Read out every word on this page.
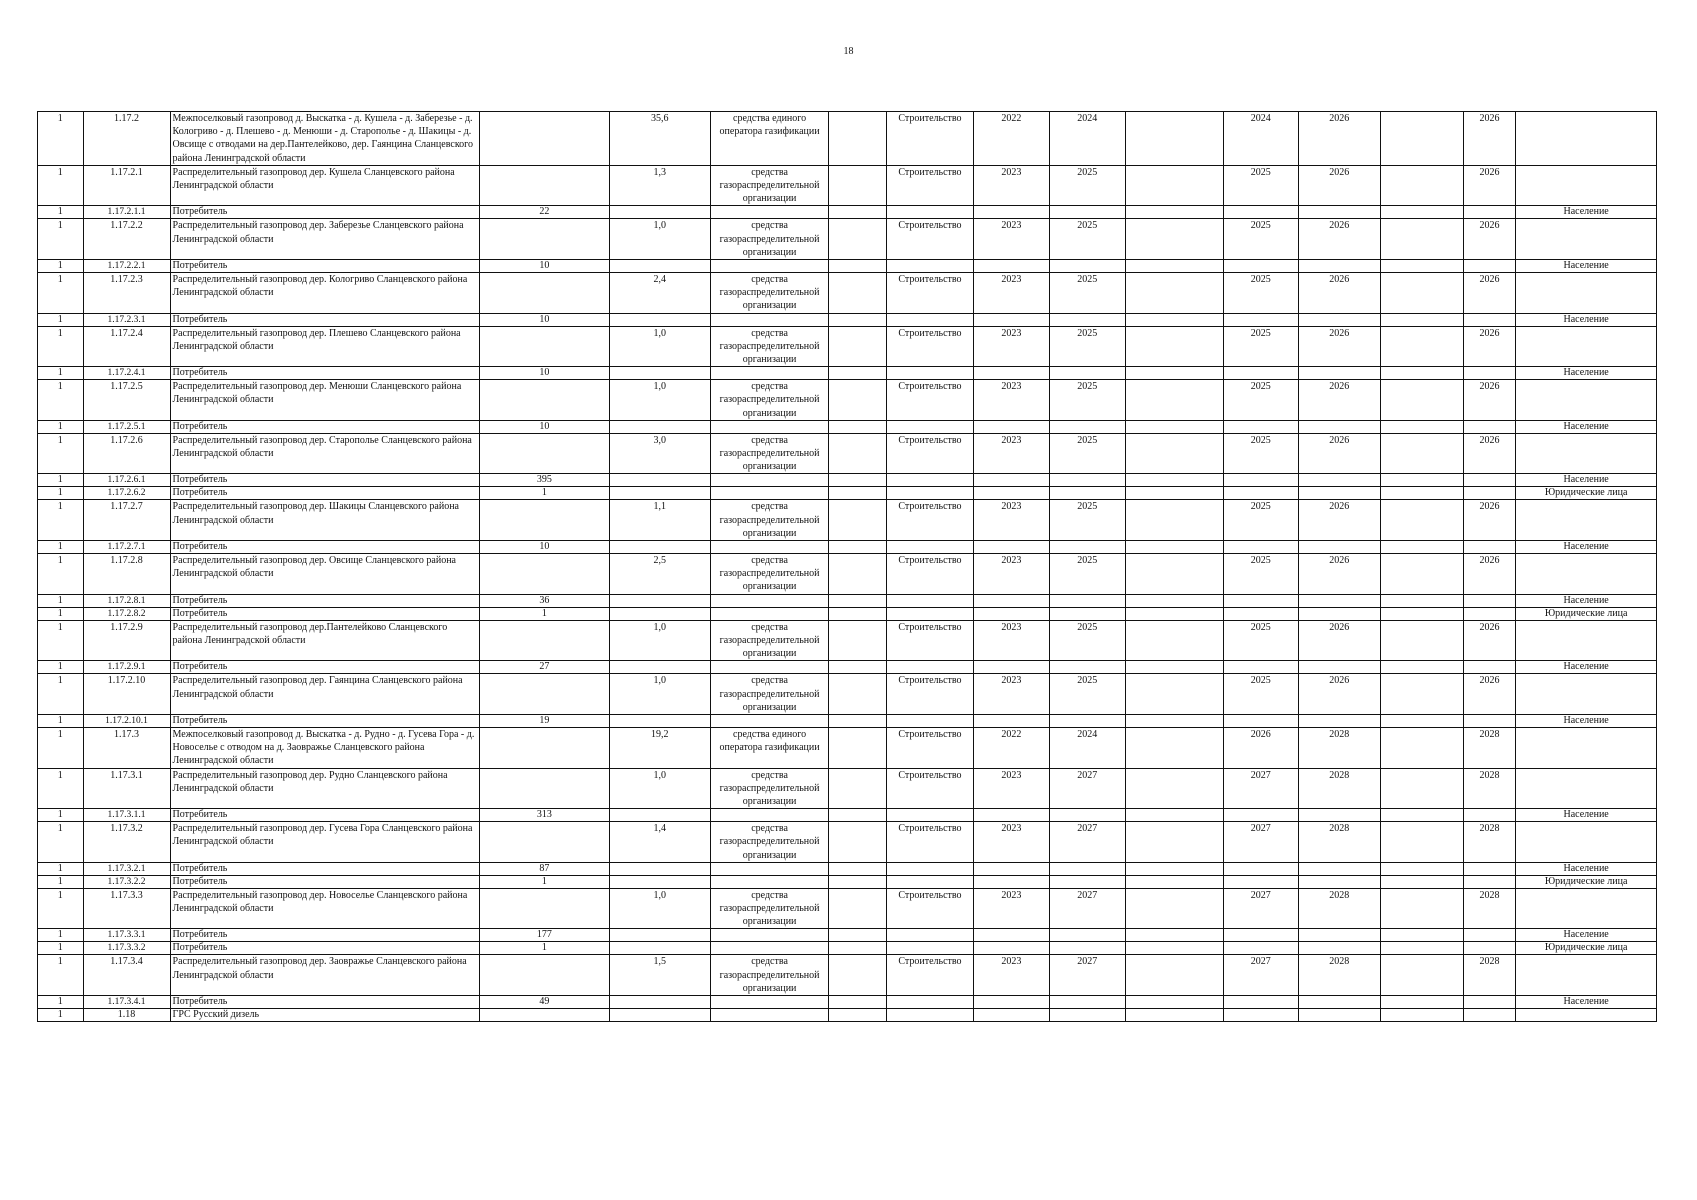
18
1	1.17.2	Межпоселковый газопровод д. Выскатка - д. Кушела - д. Заберезье - д. Кологриво - д. Плешево - д. Менюши - д. Старополье - д. Шакицы - д. Овсище с отводами на дер.Пантелейково, дер. Гаянцина Сланцевского района Ленинградской области		35,6	средства единого оператора газификации		Строительство	2022	2024		2024	2026		2026	
1	1.17.2.1	Распределительный газопровод дер. Кушела Сланцевского района Ленинградской области		1,3	средства газораспределительной организации		Строительство	2023	2025		2025	2026		2026	
1	1.17.2.1.1	Потребитель	22												Население
1	1.17.2.2	Распределительный газопровод дер. Заберезье Сланцевского района Ленинградской области		1,0	средства газораспределительной организации		Строительство	2023	2025		2025	2026		2026	
1	1.17.2.2.1	Потребитель	10												Население
1	1.17.2.3	Распределительный газопровод дер. Кологриво Сланцевского района Ленинградской области		2,4	средства газораспределительной организации		Строительство	2023	2025		2025	2026		2026	
1	1.17.2.3.1	Потребитель	10												Население
1	1.17.2.4	Распределительный газопровод дер. Плешево Сланцевского района Ленинградской области		1,0	средства газораспределительной организации		Строительство	2023	2025		2025	2026		2026	
1	1.17.2.4.1	Потребитель	10												Население
1	1.17.2.5	Распределительный газопровод дер. Менюши Сланцевского района Ленинградской области		1,0	средства газораспределительной организации		Строительство	2023	2025		2025	2026		2026	
1	1.17.2.5.1	Потребитель	10												Население
1	1.17.2.6	Распределительный газопровод дер. Старополье Сланцевского района Ленинградской области		3,0	средства газораспределительной организации		Строительство	2023	2025		2025	2026		2026	
1	1.17.2.6.1	Потребитель	395												Население
1	1.17.2.6.2	Потребитель	1												Юридические лица
1	1.17.2.7	Распределительный газопровод дер. Шакицы Сланцевского района Ленинградской области		1,1	средства газораспределительной организации		Строительство	2023	2025		2025	2026		2026	
1	1.17.2.7.1	Потребитель	10												Население
1	1.17.2.8	Распределительный газопровод дер. Овсище Сланцевского района Ленинградской области		2,5	средства газораспределительной организации		Строительство	2023	2025		2025	2026		2026	
1	1.17.2.8.1	Потребитель	36												Население
1	1.17.2.8.2	Потребитель	1												Юридические лица
1	1.17.2.9	Распределительный газопровод дер.Пантелейково Сланцевского района Ленинградской области		1,0	средства газораспределительной организации		Строительство	2023	2025		2025	2026		2026	
1	1.17.2.9.1	Потребитель	27												Население
1	1.17.2.10	Распределительный газопровод дер. Гаянцина Сланцевского района Ленинградской области		1,0	средства газораспределительной организации		Строительство	2023	2025		2025	2026		2026	
1	1.17.2.10.1	Потребитель	19												Население
1	1.17.3	Межпоселковый газопровод д. Выскатка - д. Рудно - д. Гусева Гора - д. Новоселье с отводом на д. Заовражье Сланцевского района Ленинградской области		19,2	средства единого оператора газификации		Строительство	2022	2024		2026	2028		2028	
1	1.17.3.1	Распределительный газопровод дер. Рудно Сланцевского района Ленинградской области		1,0	средства газораспределительной организации		Строительство	2023	2027		2027	2028		2028	
1	1.17.3.1.1	Потребитель	313												Население
1	1.17.3.2	Распределительный газопровод дер. Гусева Гора Сланцевского района Ленинградской области		1,4	средства газораспределительной организации		Строительство	2023	2027		2027	2028		2028	
1	1.17.3.2.1	Потребитель	87												Население
1	1.17.3.2.2	Потребитель	1												Юридические лица
1	1.17.3.3	Распределительный газопровод дер. Новоселье Сланцевского района Ленинградской области		1,0	средства газораспределительной организации		Строительство	2023	2027		2027	2028		2028	
1	1.17.3.3.1	Потребитель	177												Население
1	1.17.3.3.2	Потребитель	1												Юридические лица
1	1.17.3.4	Распределительный газопровод дер. Заовражье Сланцевского района Ленинградской области		1,5	средства газораспределительной организации		Строительство	2023	2027		2027	2028		2028	
1	1.17.3.4.1	Потребитель	49												Население
1	1.18	ГРС Русский дизель													
